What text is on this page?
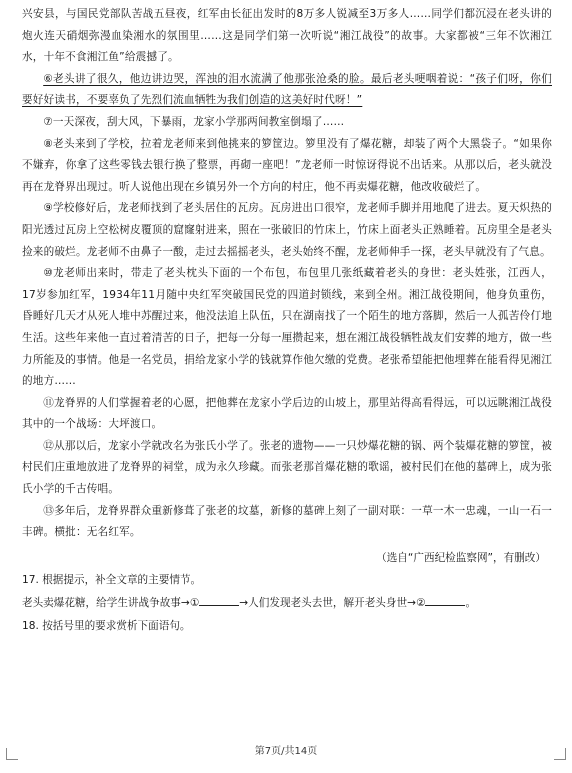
兴安县，与国民党部队苦战五昼夜，红军由长征出发时的8万多人锐减至3万多人……同学们都沉浸在老头讲的炮火连天硝烟弥漫血染湘水的氛围里……这是同学们第一次听说“湘江战役”的故事。大家都被“三年不饮湘江水，十年不食湘江鱼”给震撼了。

⑥老头讲了很久，他边讲边哭，浑浊的泪水流满了他那张沧桑的脸。最后老头哽咽着说：“孩子们呀，你们要好好读书，不要辜负了先烈们流血牺牲为我们创造的这美好时代呀！”

⑦一天深夜，刮大风，下暴雨，龙家小学那两间教室倒塌了……

⑧老头来到了学校，拉着龙老师来到他挑来的箩筐边。箩里没有了爆花糖，却装了两个大黑袋子。“如果你不嫌弃，你拿了这些零钱去银行换了整票，再砌一座吧！”龙老师一时惊讶得说不出话来。从那以后，老头就没再在龙脊界出现过。听人说他出现在乡镇另外一个方向的村庄，他不再卖爆花糖，他改收破烂了。

⑨学校修好后，龙老师找到了老头居住的瓦房。瓦房进出口很窄，龙老师手脚并用地爬了进去。夏天炽热的阳光透过瓦房上空松树皮覆顶的窟窿射进来，照在一张破旧的竹床上，竹床上面老头正熟睡着。瓦房里全是老头捡来的破烂。龙老师不由鼻子一酸，走过去摇摇老头，老头始终不醒，龙老师伸手一探，老头早就没有了气息。

⑩龙老师出来时，带走了老头枕头下面的一个布包，布包里几张纸藏着老头的身世：老头姓张，江西人，17岁参加红军，1934年11月随中央红军突破国民党的四道封锁线，来到全州。湘江战役期间，他身负重伤，昏睡好几天才从死人堆中苏醒过来，他没法追上队伍，只在湖南找了一个陌生的地方落脚，然后一人孤苦伶仃地生活。这些年来他一直过着清苦的日子，把每一分每一厘攒起来，想在湘江战役牺牲战友们安葬的地方，做一些力所能及的事情。他是一名党员，捐给龙家小学的钱就算作他欠缴的党费。老张希望能把他埋葬在能看得见湘江的地方……

⑪龙脊界的人们掌握着老的心愿，把他葬在龙家小学后边的山坡上，那里站得高看得远，可以远眺湘江战役其中的一个战场：大坪渡口。

⑫从那以后，龙家小学就改名为张氏小学了。张老的遗物——一只炒爆花糖的锅、两个装爆花糖的箩筐，被村民们庄重地放进了龙脊界的祠堂，成为永久珍藏。而张老那首爆花糖的歌谣，被村民们在他的墓碑上，成为张氏小学的千古传唱。

⑬多年后，龙脊界群众重新修葺了张老的坟墓，新修的墓碑上刻了一副对联：一草一木一忠魂，一山一石一丰碑。横批：无名红军。

（选自“广西纪检监察网”，有删改）

17. 根据提示，补全文章的主要情节。

老头卖爆花糖，给学生讲战争故事→①	→人们发现老头去世，解开老头身世→②	。

18. 按括号里的要求赏析下面语句。

第7页/共14页
